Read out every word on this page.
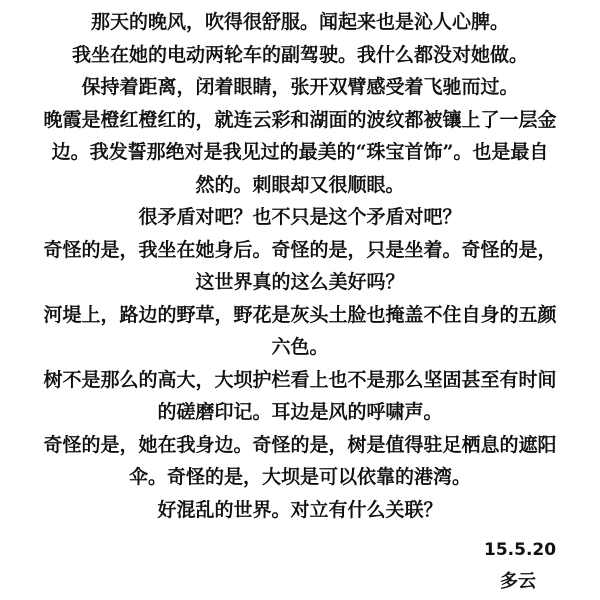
那天的晚风，吹得很舒服。闻起来也是沁人心脾。
我坐在她的电动两轮车的副驾驶。我什么都没对她做。
保持着距离，闭着眼睛，张开双臂感受着飞驰而过。
晚霞是橙红橙红的，就连云彩和湖面的波纹都被镶上了一层金
边。我发誓那绝对是我见过的最美的“珠宝首饰”。也是最自
然的。刺眼却又很顺眼。
很矛盾对吧？也不只是这个矛盾对吧？
奇怪的是，我坐在她身后。奇怪的是，只是坐着。奇怪的是，
这世界真的这么美好吗？
河堤上，路边的野草，野花是灰头土脸也掩盖不住自身的五颜
六色。
树不是那么的高大，大坝护栏看上也不是那么坚固甚至有时间
的磋磨印记。耳边是风的呼啸声。
奇怪的是，她在我身边。奇怪的是，树是值得驻足栖息的遮阳
伞。奇怪的是，大坝是可以依靠的港湾。
好混乱的世界。对立有什么关联？
15.5.20
多云
